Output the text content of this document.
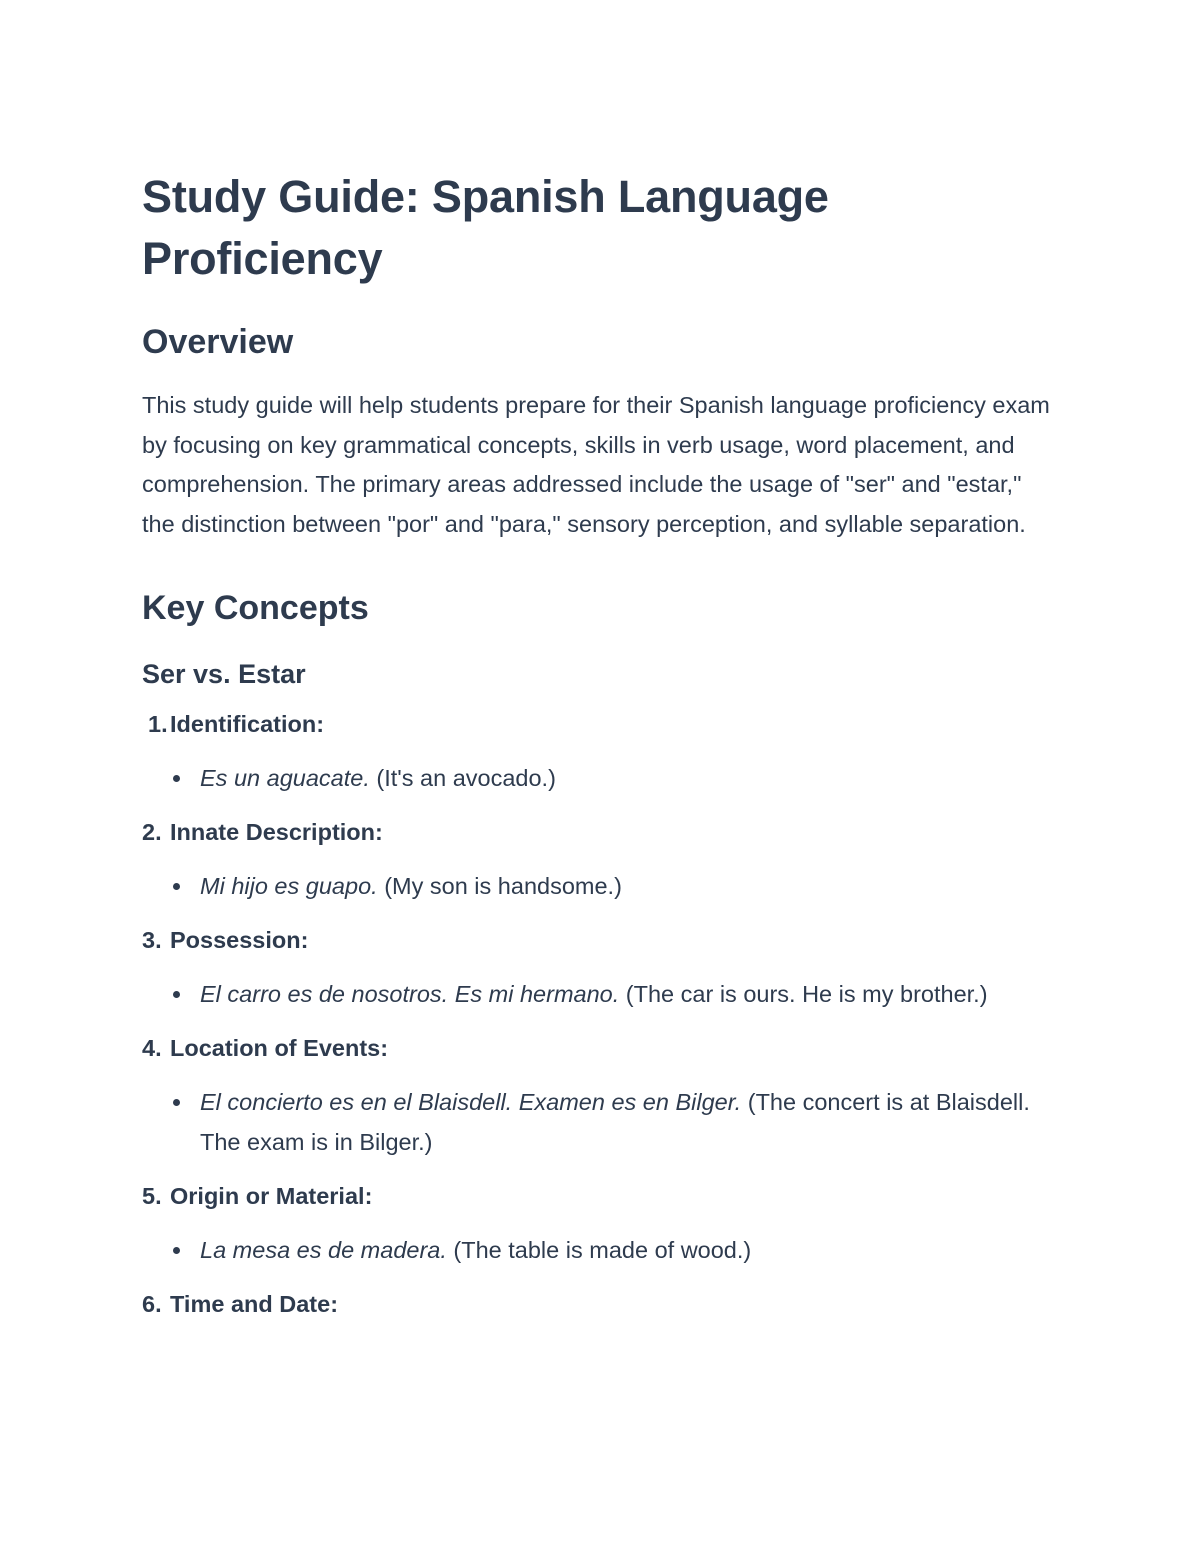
Study Guide: Spanish Language
Proficiency
Overview

This study guide will help students prepare for their Spanish language proficiency exam by focusing on key grammatical concepts, skills in verb usage, word placement, and comprehension. The primary areas addressed include the usage of "ser" and "estar," the distinction between "por" and "para," sensory perception, and syllable separation.

Key Concepts
Ser vs. Estar
1. Identification:
Es un aguacate. (It's an avocado.)
2. Innate Description:
Mi hijo es guapo. (My son is handsome.)
3. Possession:
El carro es de nosotros. Es mi hermano. (The car is ours. He is my brother.)
4. Location of Events:
El concierto es en el Blaisdell. Examen es en Bilger. (The concert is at Blaisdell. The exam is in Bilger.)
5. Origin or Material:
La mesa es de madera. (The table is made of wood.)
6. Time and Date:
